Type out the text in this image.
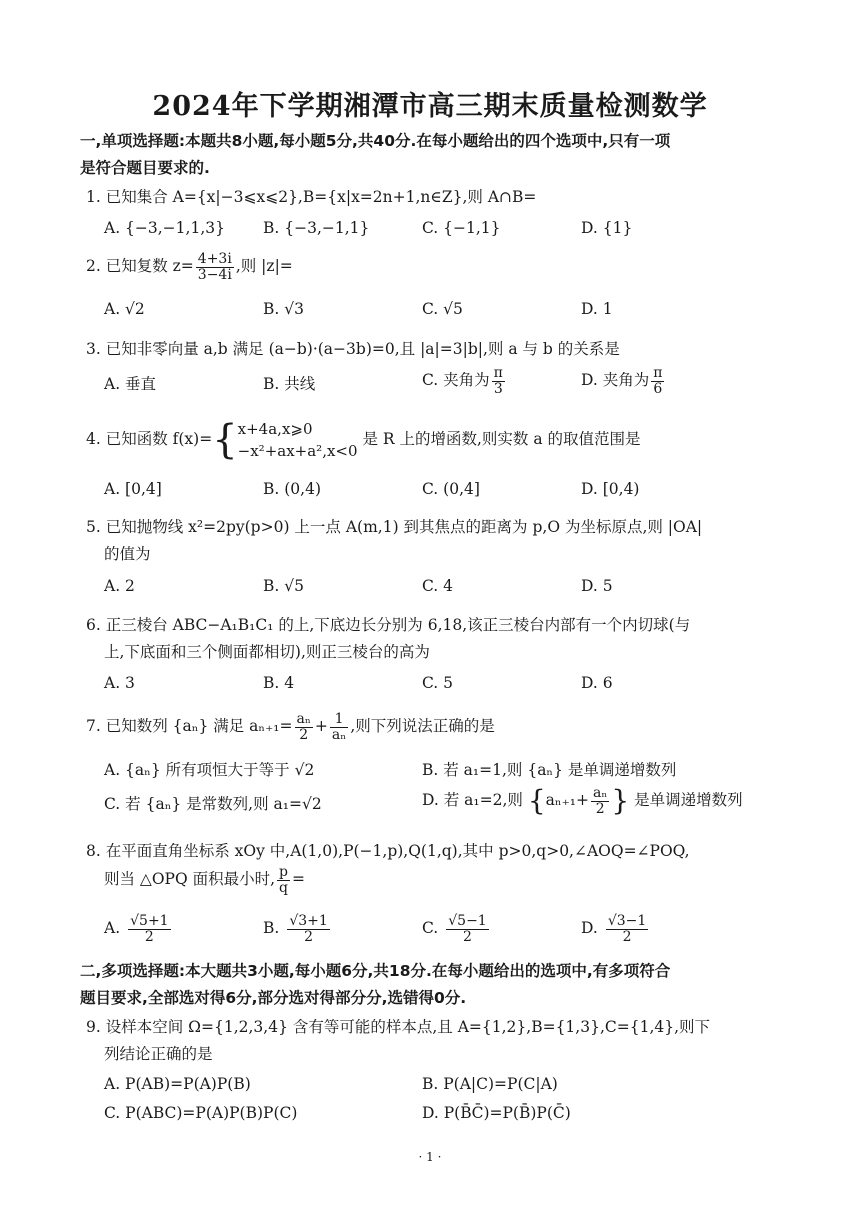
2024年下学期湘潭市高三期末质量检测数学
一,单项选择题:本题共8小题,每小题5分,共40分.在每小题给出的四个选项中,只有一项
是符合题目要求的.
1. 已知集合 A={x|−3⩽x⩽2},B={x|x=2n+1,n∈Z},则 A∩B=
A. {−3,−1,1,3} B. {−3,−1,1}	C. {−1,1}	D. {1}
2. 已知复数 $z= \frac{4+3i}{3-4i}$ ,则 |z|=
A. √2	B. √3	C. √5	D. 1
3. 已知非零向量 a,b 满足 (a−b)·(a−3b)=0,且 |a|=3|b|,则 a 与 b 的关系是
A. 垂直	B. 共线	C. 夹角为 $\frac{\pi}{3}$	D. 夹角为 $\frac{\pi}{6}$
4. 已知函数 f(x)={ x+4a,x⩾0
−x²+ax+a²,x<0
是 R 上的增函数,则实数 a 的取值范围是
A. [0,4]	B. (0,4)	C. (0,4]	D. [0,4)
5. 已知抛物线 x²=2py(p>0) 上一点 A(m,1) 到其焦点的距离为 p,O 为坐标原点,则 |OA|
的值为
A. 2	B. √5	C. 4	D. 5
6. 正三棱台 ABC−A₁B₁C₁ 的上,下底边长分别为 6,18,该正三棱台内部有一个内切球(与
上,下底面和三个侧面都相切),则正三棱台的高为
A. 3	B. 4	C. 5	D. 6
7. 已知数列 {aₙ} 满足 $a_{n+1}= \frac{\text{aₙ}}{2} + \frac{1}{\text{aₙ}}$ ,则下列说法正确的是
A. {aₙ} 所有项恒大于等于 √2	B. 若 a₁=1,则 {aₙ} 是单调递增数列
C. 若 {aₙ} 是常数列,则 a₁=√2	D. 若 a₁=2,则 {$a_{n+1}+ \frac{\text{aₙ}}{2}$ } 是单调递增数列
8. 在平面直角坐标系 xOy 中,A(1,0),P(−1,p),Q(1,q),其中 p>0,q>0,∠AOQ=∠POQ,
则当 △OPQ 面积最小时, $\frac{p}{q}$ =
A. $\frac{√5+1}{2}$	B. $\frac{√3+1}{2}$	C. $\frac{√5-1}{2}$	D. $\frac{√3-1}{2}$
二,多项选择题:本大题共3小题,每小题6分,共18分.在每小题给出的选项中,有多项符合
题目要求,全部选对得6分,部分选对得部分分,选错得0分.
9. 设样本空间 Ω={1,2,3,4} 含有等可能的样本点,且 A={1,2},B={1,3},C={1,4},则下
列结论正确的是
A. P(AB)=P(A)P(B)	B. P(A|C)=P(C|A)
C. P(ABC)=P(A)P(B)P(C)	D. P(B̄C̄)=P(B̄)P(C̄)
· 1 ·
